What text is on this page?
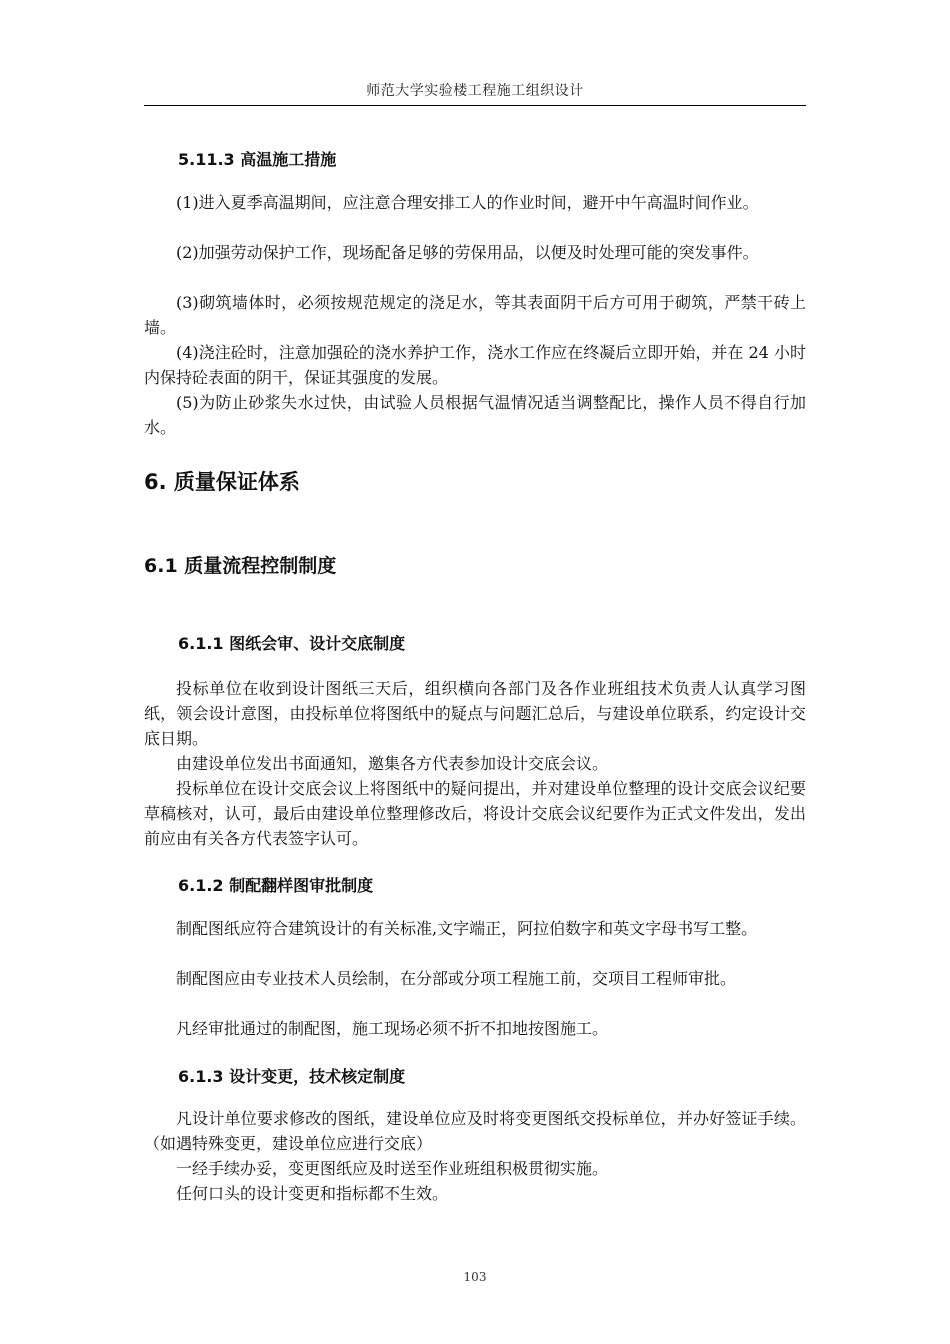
师范大学实验楼工程施工组织设计
5.11.3 高温施工措施

(1)进入夏季高温期间，应注意合理安排工人的作业时间，避开中午高温时间作业。

(2)加强劳动保护工作，现场配备足够的劳保用品，以便及时处理可能的突发事件。

(3)砌筑墙体时，必须按规范规定的浇足水，等其表面阴干后方可用于砌筑，严禁干砖上墙。

(4)浇注砼时，注意加强砼的浇水养护工作，浇水工作应在终凝后立即开始，并在 24 小时内保持砼表面的阴干，保证其强度的发展。

(5)为防止砂浆失水过快，由试验人员根据气温情况适当调整配比，操作人员不得自行加水。

6. 质量保证体系
6.1 质量流程控制制度
6.1.1 图纸会审、设计交底制度

投标单位在收到设计图纸三天后，组织横向各部门及各作业班组技术负责人认真学习图纸，领会设计意图，由投标单位将图纸中的疑点与问题汇总后，与建设单位联系，约定设计交底日期。

由建设单位发出书面通知，邀集各方代表参加设计交底会议。

投标单位在设计交底会议上将图纸中的疑问提出，并对建设单位整理的设计交底会议纪要草稿核对，认可，最后由建设单位整理修改后，将设计交底会议纪要作为正式文件发出，发出前应由有关各方代表签字认可。

6.1.2 制配翻样图审批制度

制配图纸应符合建筑设计的有关标准,文字端正，阿拉伯数字和英文字母书写工整。

制配图应由专业技术人员绘制，在分部或分项工程施工前，交项目工程师审批。

凡经审批通过的制配图，施工现场必须不折不扣地按图施工。

6.1.3 设计变更，技术核定制度

凡设计单位要求修改的图纸，建设单位应及时将变更图纸交投标单位，并办好签证手续。（如遇特殊变更，建设单位应进行交底）

一经手续办妥，变更图纸应及时送至作业班组积极贯彻实施。

任何口头的设计变更和指标都不生效。

103
